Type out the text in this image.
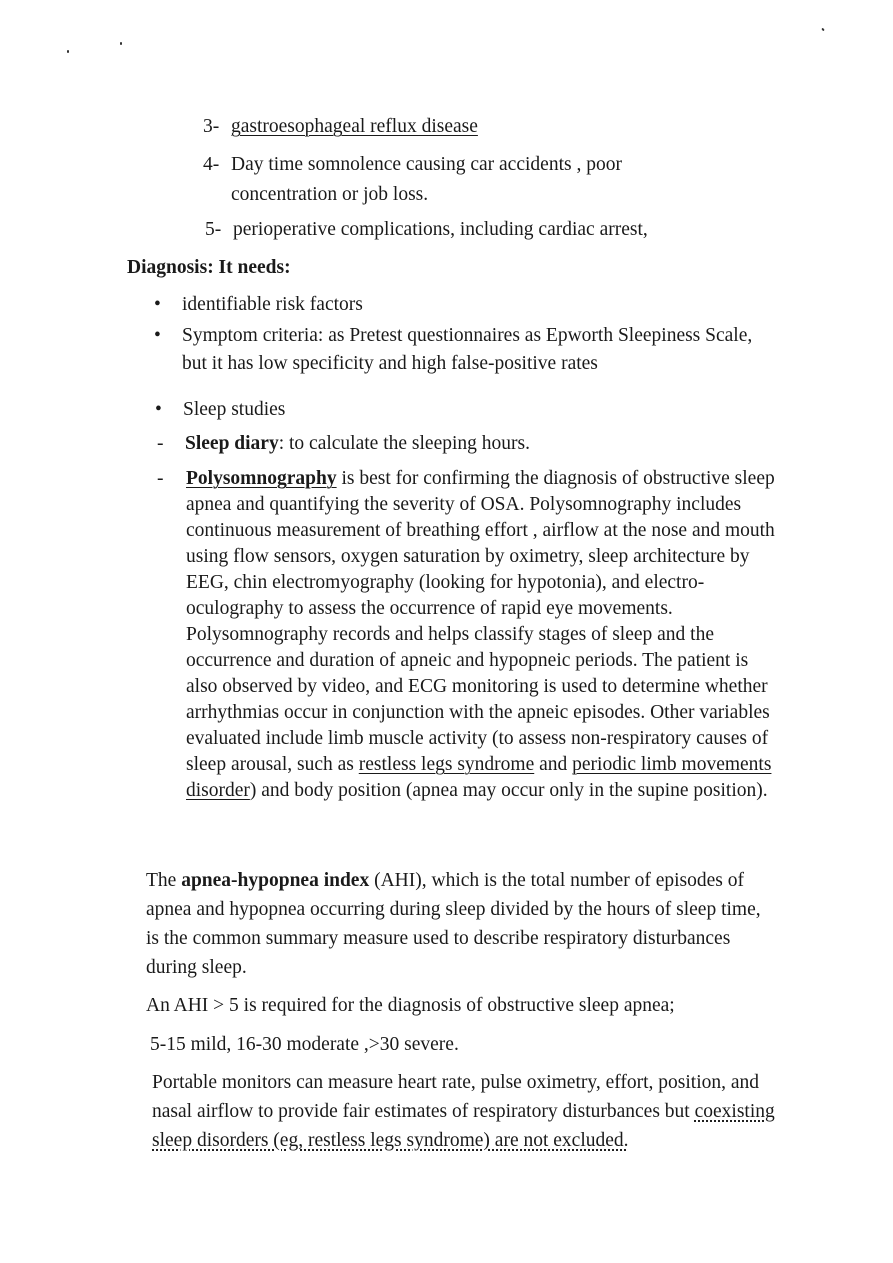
3- gastroesophageal reflux disease
4- Day time somnolence causing car accidents , poor concentration or job loss.
5- perioperative complications, including cardiac arrest,
Diagnosis: It needs:
• identifiable risk factors
• Symptom criteria: as Pretest questionnaires as Epworth Sleepiness Scale, but it has low specificity and high false-positive rates
• Sleep studies
- Sleep diary: to calculate the sleeping hours.
- Polysomnography is best for confirming the diagnosis of obstructive sleep apnea and quantifying the severity of OSA. Polysomnography includes continuous measurement of breathing effort , airflow at the nose and mouth using flow sensors, oxygen saturation by oximetry, sleep architecture by EEG, chin electromyography (looking for hypotonia), and electro-oculography to assess the occurrence of rapid eye movements. Polysomnography records and helps classify stages of sleep and the occurrence and duration of apneic and hypopneic periods. The patient is also observed by video, and ECG monitoring is used to determine whether arrhythmias occur in conjunction with the apneic episodes. Other variables evaluated include limb muscle activity (to assess non-respiratory causes of sleep arousal, such as restless legs syndrome and periodic limb movements disorder) and body position (apnea may occur only in the supine position).
The apnea-hypopnea index (AHI), which is the total number of episodes of apnea and hypopnea occurring during sleep divided by the hours of sleep time, is the common summary measure used to describe respiratory disturbances during sleep.
An AHI > 5 is required for the diagnosis of obstructive sleep apnea;
5-15 mild, 16-30 moderate ,>30 severe.
Portable monitors can measure heart rate, pulse oximetry, effort, position, and nasal airflow to provide fair estimates of respiratory disturbances but coexisting sleep disorders (eg, restless legs syndrome) are not excluded.
